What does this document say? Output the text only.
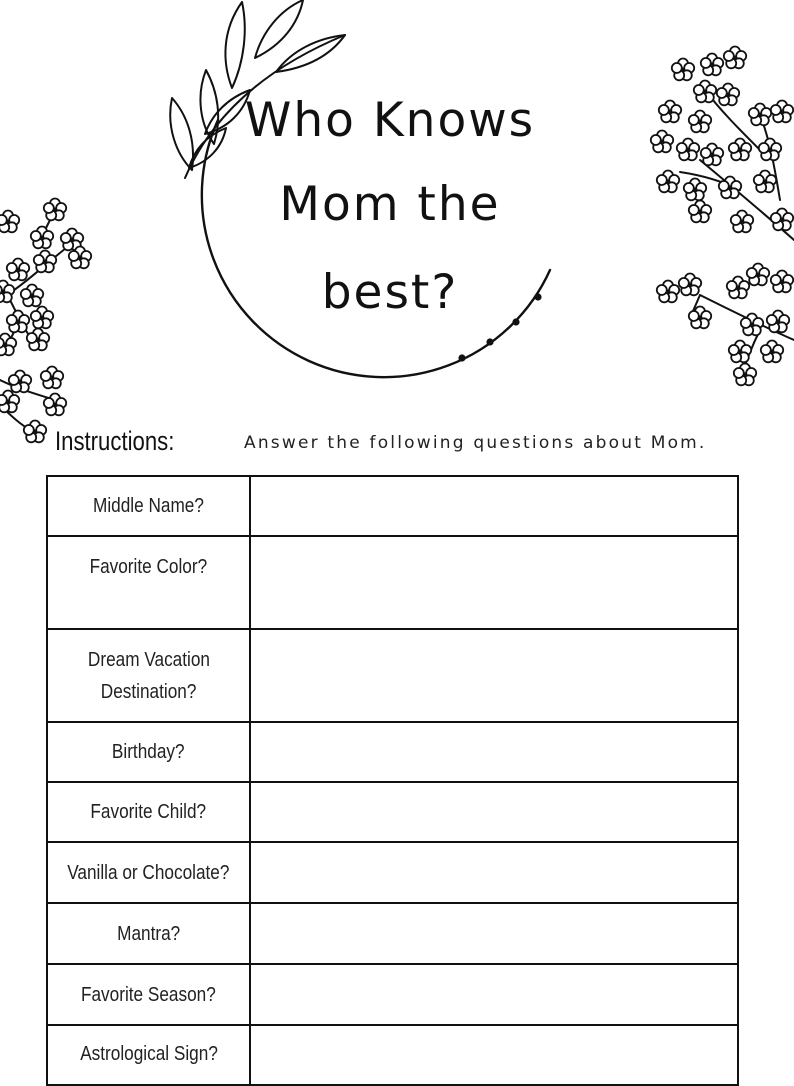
Who Knows
Mom the
best?
Instructions:	Answer the following questions about Mom.
Middle Name?	
Favorite Color?	
Dream Vacation
Destination?	
Birthday?	
Favorite Child?	
Vanilla or Chocolate?	
Mantra?	
Favorite Season?	
Astrological Sign?	
